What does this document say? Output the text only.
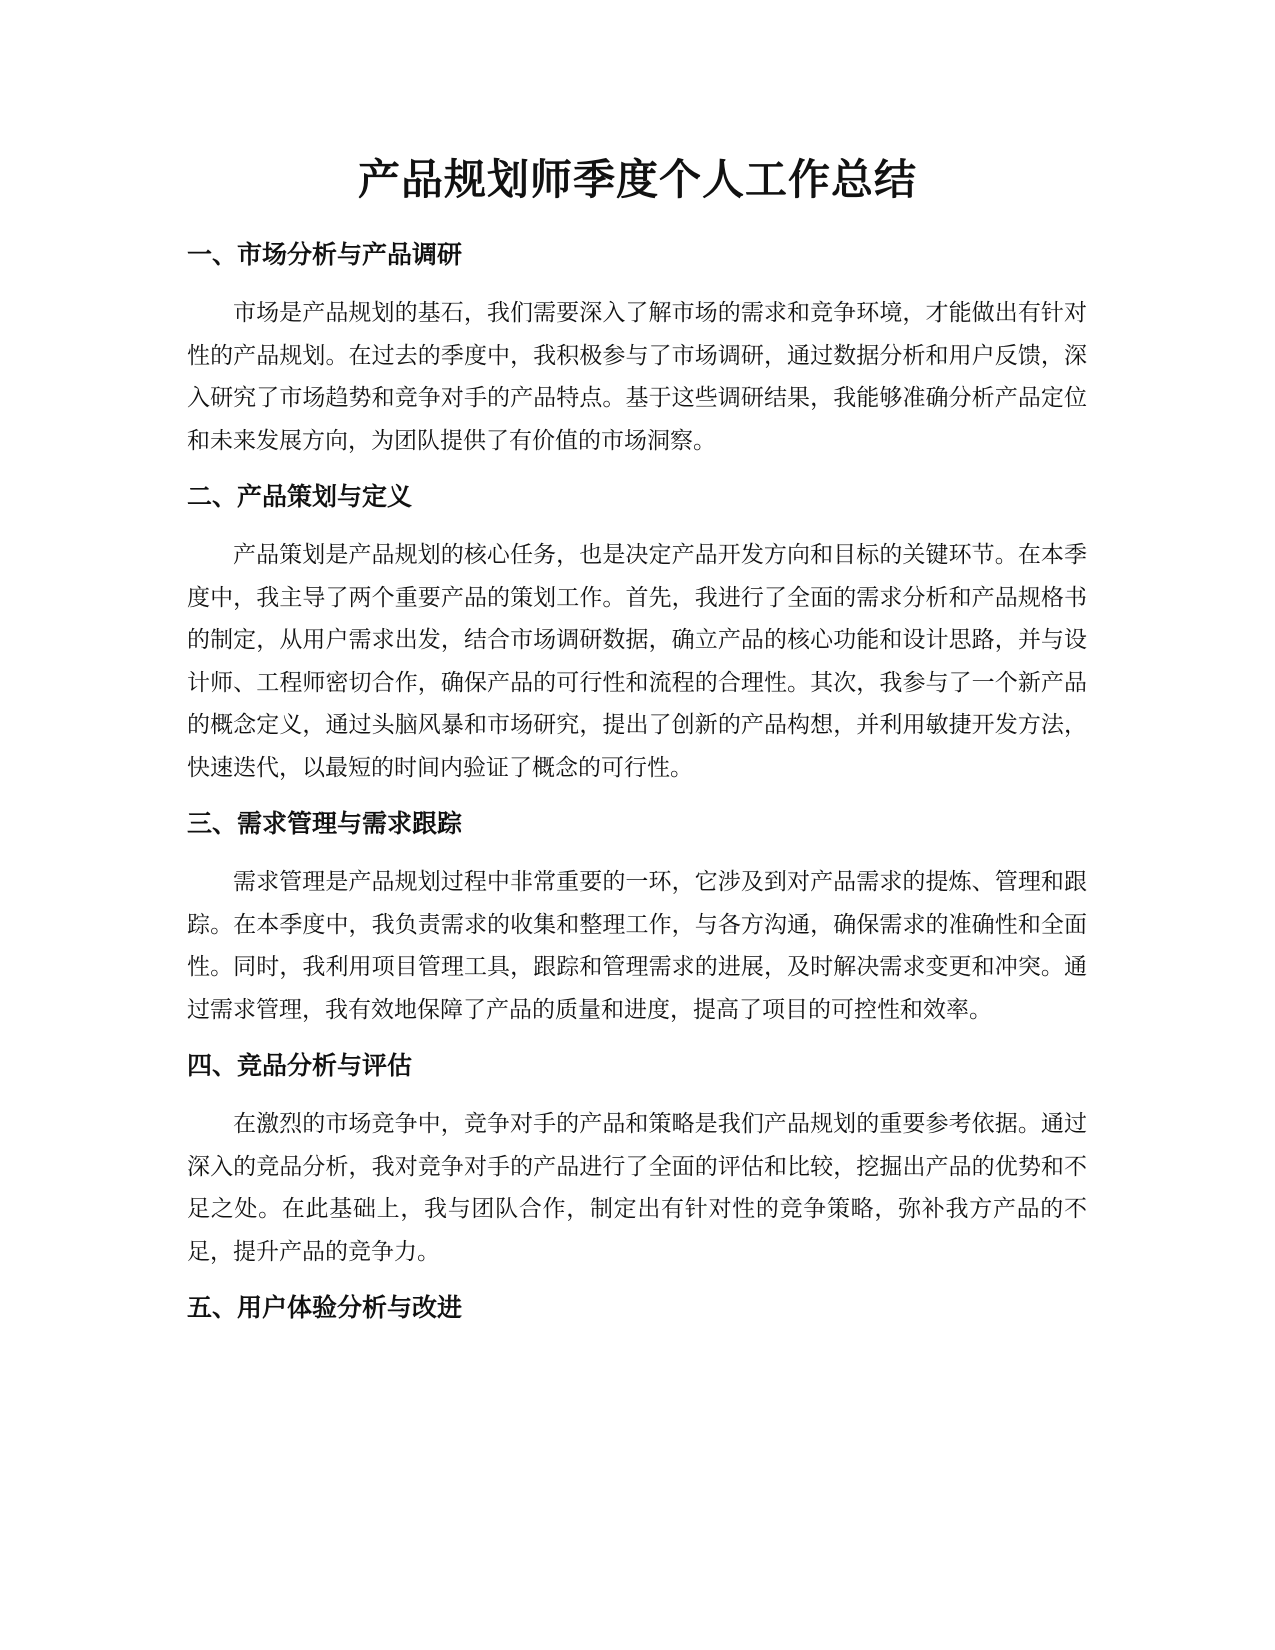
产品规划师季度个人工作总结
一、市场分析与产品调研

市场是产品规划的基石，我们需要深入了解市场的需求和竞争环境，才能做出有针对性的产品规划。在过去的季度中，我积极参与了市场调研，通过数据分析和用户反馈，深入研究了市场趋势和竞争对手的产品特点。基于这些调研结果，我能够准确分析产品定位和未来发展方向，为团队提供了有价值的市场洞察。

二、产品策划与定义

产品策划是产品规划的核心任务，也是决定产品开发方向和目标的关键环节。在本季度中，我主导了两个重要产品的策划工作。首先，我进行了全面的需求分析和产品规格书的制定，从用户需求出发，结合市场调研数据，确立产品的核心功能和设计思路，并与设计师、工程师密切合作，确保产品的可行性和流程的合理性。其次，我参与了一个新产品的概念定义，通过头脑风暴和市场研究，提出了创新的产品构想，并利用敏捷开发方法，快速迭代，以最短的时间内验证了概念的可行性。

三、需求管理与需求跟踪

需求管理是产品规划过程中非常重要的一环，它涉及到对产品需求的提炼、管理和跟踪。在本季度中，我负责需求的收集和整理工作，与各方沟通，确保需求的准确性和全面性。同时，我利用项目管理工具，跟踪和管理需求的进展，及时解决需求变更和冲突。通过需求管理，我有效地保障了产品的质量和进度，提高了项目的可控性和效率。

四、竞品分析与评估

在激烈的市场竞争中，竞争对手的产品和策略是我们产品规划的重要参考依据。通过深入的竞品分析，我对竞争对手的产品进行了全面的评估和比较，挖掘出产品的优势和不足之处。在此基础上，我与团队合作，制定出有针对性的竞争策略，弥补我方产品的不足，提升产品的竞争力。

五、用户体验分析与改进
